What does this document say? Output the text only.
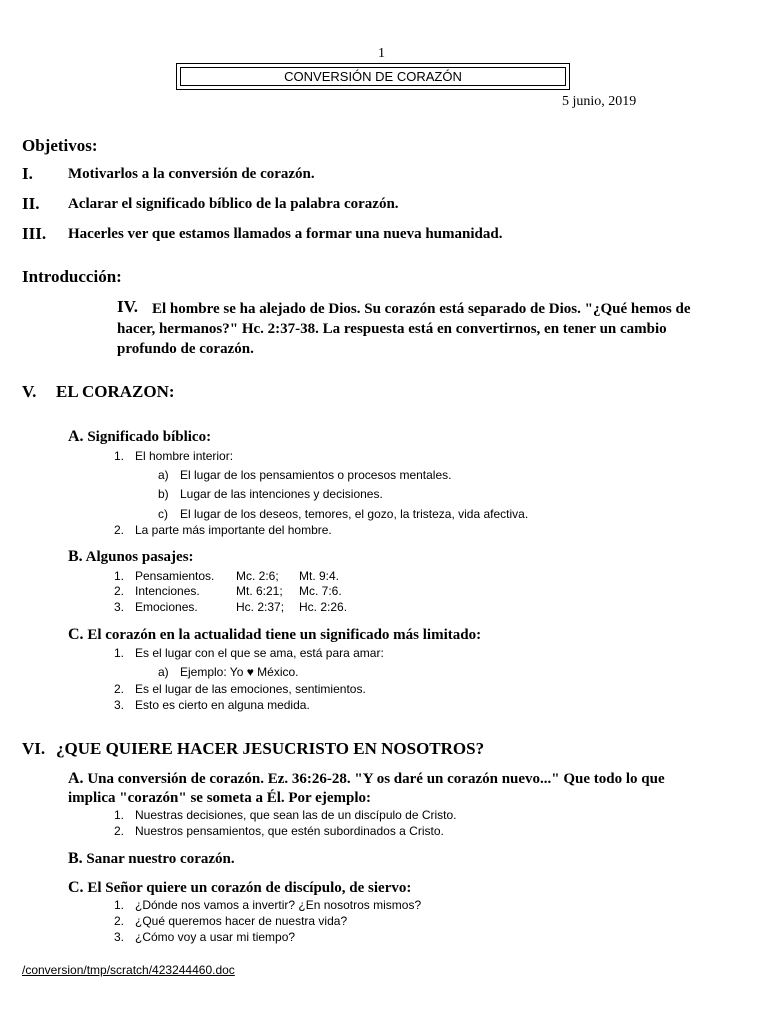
1
CONVERSIÓN DE CORAZÓN
5 junio, 2019
Objetivos:
I. Motivarlos a la conversión de corazón.
II. Aclarar el significado bíblico de la palabra corazón.
III. Hacerles ver que estamos llamados a formar una nueva humanidad.
Introducción:
IV. El hombre se ha alejado de Dios. Su corazón está separado de Dios. "¿Qué hemos de
hacer, hermanos?" Hc. 2:37-38. La respuesta está en convertirnos, en tener un cambio
profundo de corazón.
V. EL CORAZON:
A. Significado bíblico:
1. El hombre interior:
a) El lugar de los pensamientos o procesos mentales.
b) Lugar de las intenciones y decisiones.
c) El lugar de los deseos, temores, el gozo, la tristeza, vida afectiva.
2. La parte más importante del hombre.
B. Algunos pasajes:
1. Pensamientos. Mc. 2:6; Mt. 9:4.
2. Intenciones.	Mt. 6:21; Mc. 7:6.
3. Emociones.	Hc. 2:37; Hc. 2:26.
C. El corazón en la actualidad tiene un significado más limitado:
1. Es el lugar con el que se ama, está para amar:
a) Ejemplo: Yo ♥ México.
2. Es el lugar de las emociones, sentimientos.
3. Esto es cierto en alguna medida.
VI. ¿QUE QUIERE HACER JESUCRISTO EN NOSOTROS?
A. Una conversión de corazón. Ez. 36:26-28. "Y os daré un corazón nuevo..." Que todo lo que
implica "corazón" se someta a Él. Por ejemplo:
1. Nuestras decisiones, que sean las de un discípulo de Cristo.
2. Nuestros pensamientos, que estén subordinados a Cristo.
B. Sanar nuestro corazón.
C. El Señor quiere un corazón de discípulo, de siervo:
1. ¿Dónde nos vamos a invertir? ¿En nosotros mismos?
2. ¿Qué queremos hacer de nuestra vida?
3. ¿Cómo voy a usar mi tiempo?
/conversion/tmp/scratch/423244460.doc
